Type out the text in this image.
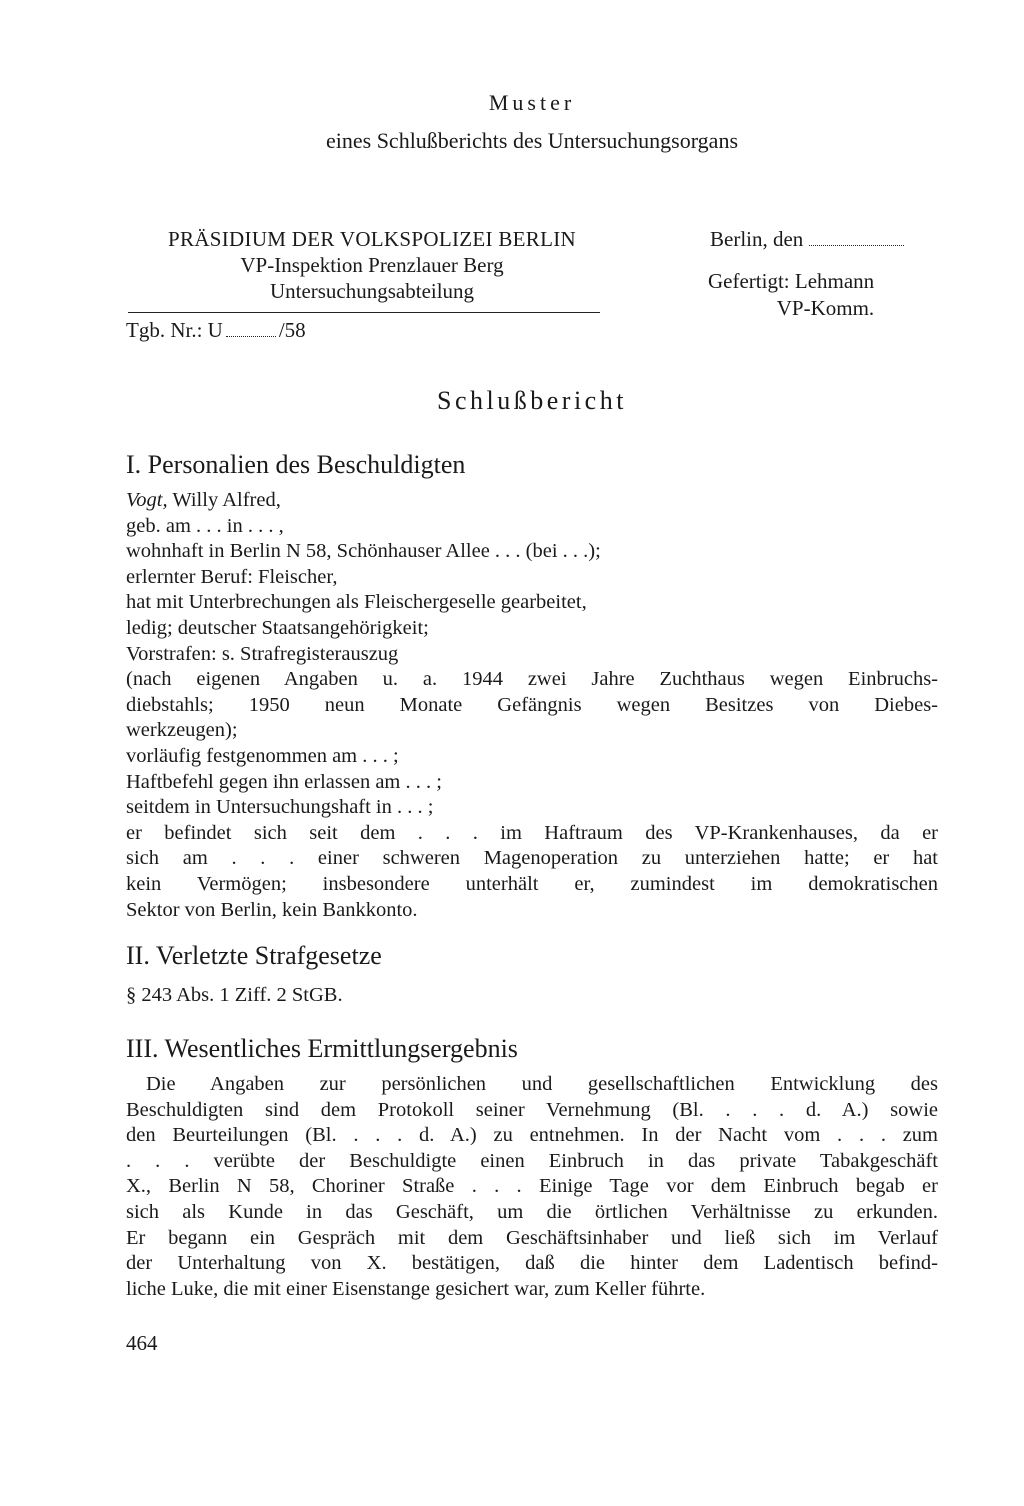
Muster
eines Schlußberichts des Untersuchungsorgans
PRÄSIDIUM DER VOLKSPOLIZEI BERLIN
VP-Inspektion Prenzlauer Berg
Untersuchungsabteilung
Tgb. Nr.: U	/58
Berlin, den
Gefertigt: Lehmann
VP-Komm.
Schlußbericht
I. Personalien des Beschuldigten

Vogt, Willy Alfred,

geb. am . . . in . . . ,

wohnhaft in Berlin N 58, Schönhauser Allee . . . (bei . . .);

erlernter Beruf: Fleischer,

hat mit Unterbrechungen als Fleischergeselle gearbeitet,

ledig; deutscher Staatsangehörigkeit;

Vorstrafen: s. Strafregisterauszug

(nach eigenen Angaben u. a. 1944 zwei Jahre Zuchthaus wegen Einbruchs-

diebstahls; 1950 neun Monate Gefängnis wegen Besitzes von Diebes-

werkzeugen);

vorläufig festgenommen am . . . ;

Haftbefehl gegen ihn erlassen am . . . ;

seitdem in Untersuchungshaft in . . . ;

er befindet sich seit dem . . . im Haftraum des VP-Krankenhauses, da er

sich am . . . einer schweren Magenoperation zu unterziehen hatte; er hat

kein Vermögen; insbesondere unterhält er, zumindest im demokratischen

Sektor von Berlin, kein Bankkonto.

II. Verletzte Strafgesetze

§ 243 Abs. 1 Ziff. 2 StGB.

III. Wesentliches Ermittlungsergebnis

Die Angaben zur persönlichen und gesellschaftlichen Entwicklung des

Beschuldigten sind dem Protokoll seiner Vernehmung (Bl. . . . d. A.) sowie

den Beurteilungen (Bl. . . . d. A.) zu entnehmen. In der Nacht vom . . . zum

. . . verübte der Beschuldigte einen Einbruch in das private Tabakgeschäft

X., Berlin N 58, Choriner Straße . . . Einige Tage vor dem Einbruch begab er

sich als Kunde in das Geschäft, um die örtlichen Verhältnisse zu erkunden.

Er begann ein Gespräch mit dem Geschäftsinhaber und ließ sich im Verlauf

der Unterhaltung von X. bestätigen, daß die hinter dem Ladentisch befind-

liche Luke, die mit einer Eisenstange gesichert war, zum Keller führte.

464
